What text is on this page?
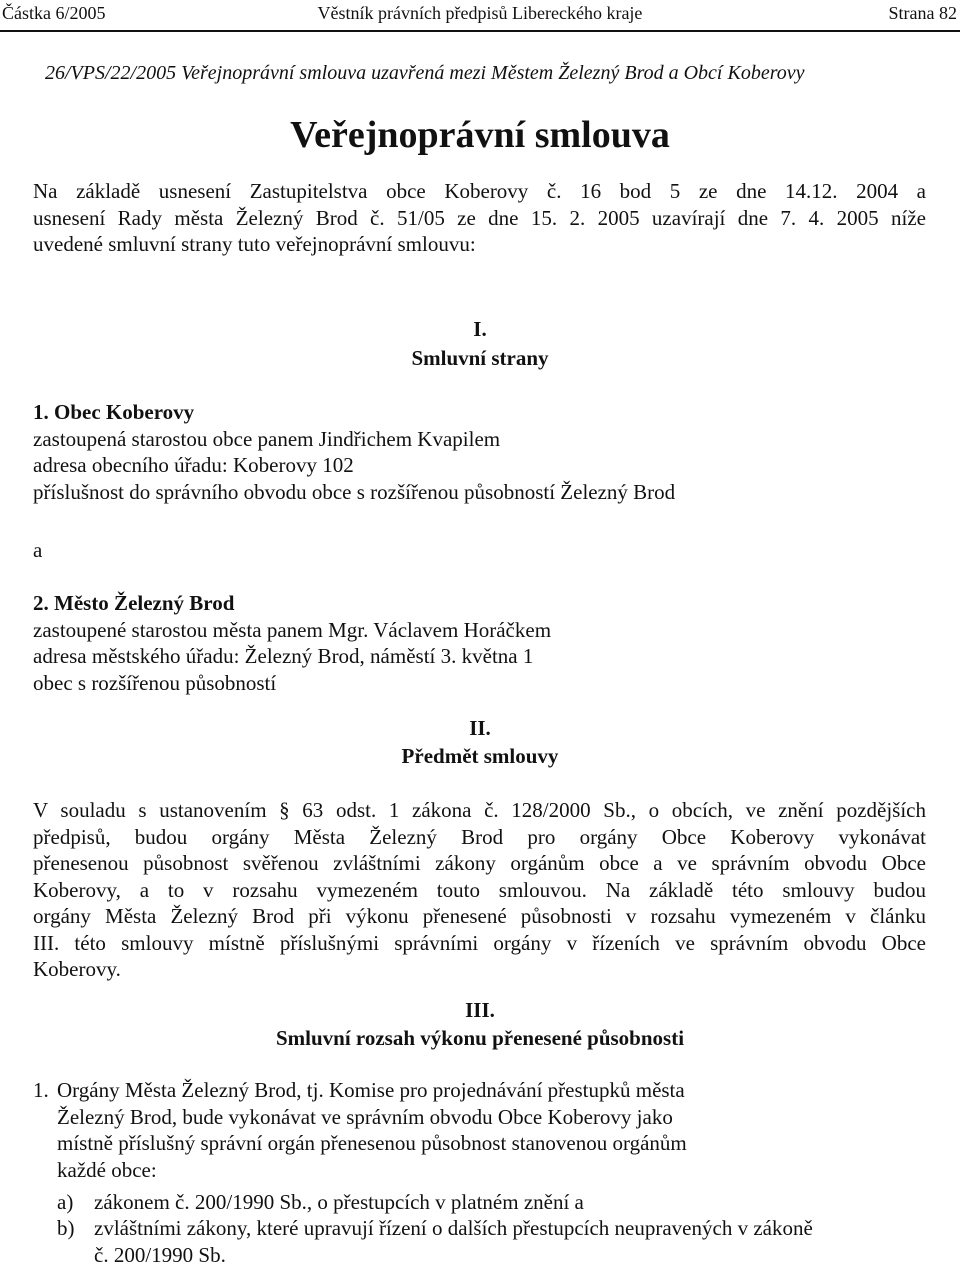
Částka 6/2005	Věstník právních předpisů Libereckého kraje	Strana 82
26/VPS/22/2005 Veřejnoprávní smlouva uzavřená mezi Městem Železný Brod a Obcí Koberovy
Veřejnoprávní smlouva
Na základě usnesení Zastupitelstva obce Koberovy č. 16 bod 5 ze dne 14.12. 2004 a
usnesení Rady města Železný Brod č. 51/05 ze dne 15. 2. 2005 uzavírají dne 7. 4. 2005 níže
uvedené smluvní strany tuto veřejnoprávní smlouvu:
I.
Smluvní strany
1. Obec Koberovy
zastoupená starostou obce panem Jindřichem Kvapilem
adresa obecního úřadu: Koberovy 102
příslušnost do správního obvodu obce s rozšířenou působností Železný Brod
a
2. Město Železný Brod
zastoupené starostou města panem Mgr. Václavem Horáčkem
adresa městského úřadu: Železný Brod, náměstí 3. května 1
obec s rozšířenou působností
II.
Předmět smlouvy
V souladu s ustanovením § 63 odst. 1 zákona č. 128/2000 Sb., o obcích, ve znění pozdějších
předpisů, budou orgány Města Železný Brod pro orgány Obce Koberovy vykonávat
přenesenou působnost svěřenou zvláštními zákony orgánům obce a ve správním obvodu Obce
Koberovy, a to v rozsahu vymezeném touto smlouvou. Na základě této smlouvy budou
orgány Města Železný Brod při výkonu přenesené působnosti v rozsahu vymezeném v článku
III. této smlouvy místně příslušnými správními orgány v řízeních ve správním obvodu Obce
Koberovy.
III.
Smluvní rozsah výkonu přenesené působnosti
1. Orgány Města Železný Brod, tj. Komise pro projednávání přestupků města
Železný Brod, bude vykonávat ve správním obvodu Obce Koberovy jako
místně příslušný správní orgán přenesenou působnost stanovenou orgánům
každé obce:
a) zákonem č. 200/1990 Sb., o přestupcích v platném znění a
b) zvláštními zákony, které upravují řízení o dalších přestupcích neupravených v zákoně
č. 200/1990 Sb.
